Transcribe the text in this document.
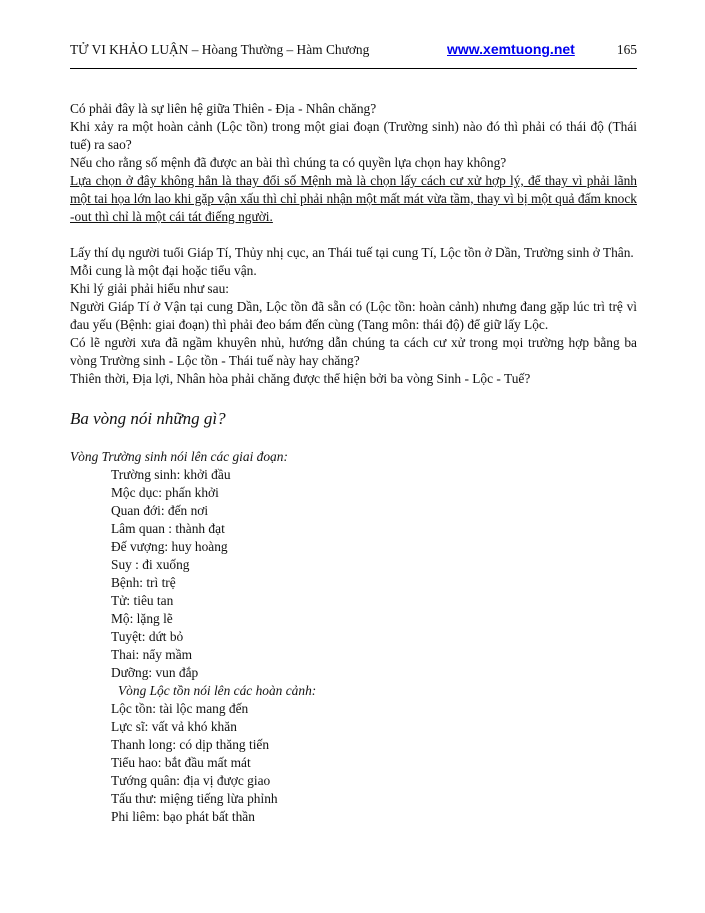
TỬ VI KHẢO LUẬN – Hòang Thường – Hàm Chương	www.xemtuong.net	165

Có phải đây là sự liên hệ giữa Thiên - Địa - Nhân chăng?

Khi xảy ra một hoàn cảnh (Lộc tồn) trong một giai đoạn (Trường sinh) nào đó thì phải có thái độ (Thái tuế) ra sao?

Nếu cho rằng số mệnh đã được an bài thì chúng ta có quyền lựa chọn hay không?

Lựa chọn ở đây không hẳn là thay đổi số Mệnh mà là chọn lấy cách cư xử hợp lý, để thay vì phải lãnh một tai họa lớn lao khi gặp vận xấu thì chỉ phải nhận một mất mát vừa tầm, thay vì bị một quả đấm knock -out thì chỉ là một cái tát điếng người.

Lấy thí dụ người tuổi Giáp Tí, Thủy nhị cục, an Thái tuế tại cung Tí, Lộc tồn ở Dần, Trường sinh ở Thân.

Mỗi cung là một đại hoặc tiểu vận.

Khi lý giải phải hiểu như sau:

Người Giáp Tí ở Vận tại cung Dần, Lộc tồn đã sẵn có (Lộc tồn: hoàn cảnh) nhưng đang gặp lúc trì trệ vì đau yếu (Bệnh: giai đoạn) thì phải đeo bám đến cùng (Tang môn: thái độ) để giữ lấy Lộc.

Có lẽ người xưa đã ngầm khuyên nhủ, hướng dẫn chúng ta cách cư xử trong mọi trường hợp bằng ba vòng Trường sinh - Lộc tồn - Thái tuế này hay chăng?

Thiên thời, Địa lợi, Nhân hòa phải chăng được thể hiện bởi ba vòng Sinh - Lộc - Tuế?

Ba vòng nói những gì?

Vòng Trường sinh nói lên các giai đoạn:

Trường sinh: khởi đầu

Mộc dục: phấn khởi

Quan đới: đến nơi

Lâm quan : thành đạt

Đế vượng: huy hoàng

Suy : đi xuống

Bệnh: trì trệ

Tử: tiêu tan

Mộ: lặng lẽ

Tuyệt: dứt bỏ

Thai: nẩy mầm

Dưỡng: vun đắp

Vòng Lộc tồn nói lên các hoàn cảnh:

Lộc tồn: tài lộc mang đến

Lực sĩ: vất vả khó khăn

Thanh long: có dịp thăng tiến

Tiểu hao: bắt đầu mất mát

Tướng quân: địa vị được giao

Tấu thư: miệng tiếng lừa phỉnh

Phi liêm: bạo phát bất thần
